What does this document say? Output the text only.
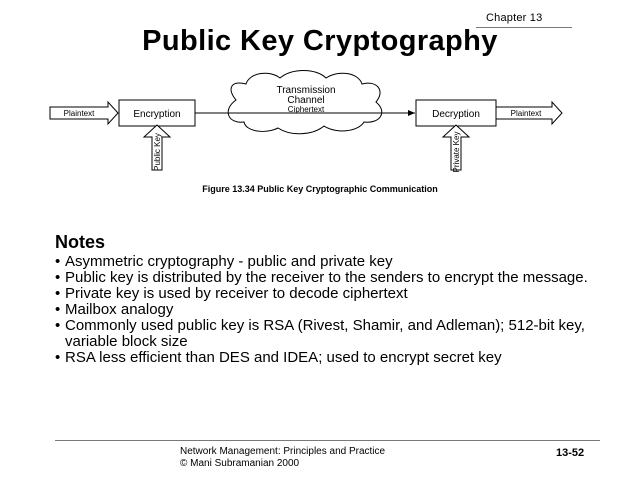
Chapter 13
Public Key Cryptography
Transmission
Channel
Ciphertext
Plaintext	Encryption
Public Key
Decryption	Plaintext
Private Key
Figure 13.34 Public Key Cryptographic Communication
Notes
• Asymmetric cryptography - public and private key
• Public key is distributed by the receiver to the senders to encrypt the message.
• Private key is used by receiver to decode ciphertext
• Mailbox analogy
• Commonly used public key is RSA (Rivest, Shamir, and Adleman); 512-bit key, variable block size
• RSA less efficient than DES and IDEA; used to encrypt secret key
Network Management: Principles and Practice
© Mani Subramanian 2000
13-52
